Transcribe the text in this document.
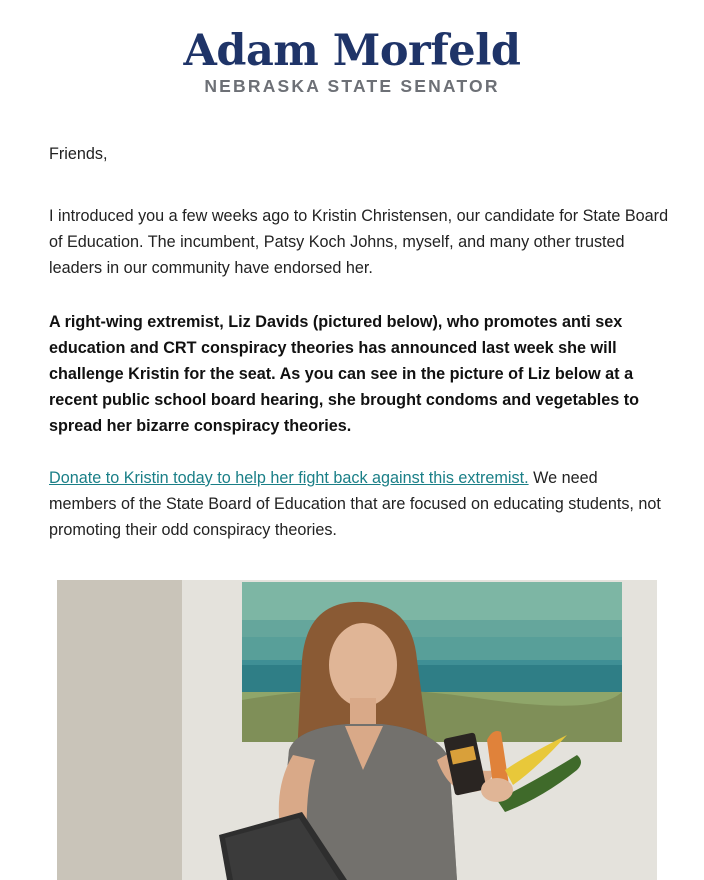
Adam Morfeld
NEBRASKA STATE SENATOR

Friends,

I introduced you a few weeks ago to Kristin Christensen, our candidate for State Board of Education. The incumbent, Patsy Koch Johns, myself, and many other trusted leaders in our community have endorsed her.

A right-wing extremist, Liz Davids (pictured below), who promotes anti sex education and CRT conspiracy theories has announced last week she will challenge Kristin for the seat. As you can see in the picture of Liz below at a recent public school board hearing, she brought condoms and vegetables to spread her bizarre conspiracy theories.

Donate to Kristin today to help her fight back against this extremist. We need members of the State Board of Education that are focused on educating students, not promoting their odd conspiracy theories.
